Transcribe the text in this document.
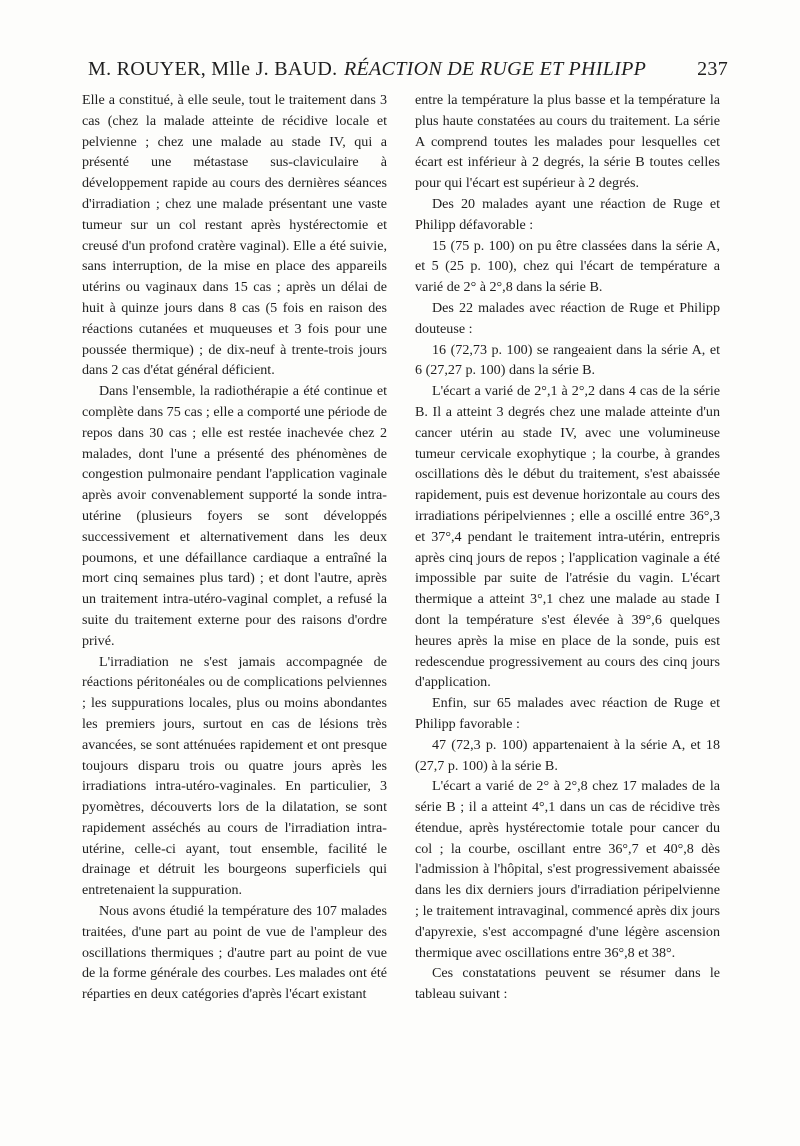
M. ROUYER, Mlle J. BAUD. RÉACTION DE RUGE ET PHILIPP	237

Elle a constitué, à elle seule, tout le traitement dans 3 cas (chez la malade atteinte de récidive locale et pelvienne ; chez une malade au stade IV, qui a présenté une métastase sus-claviculaire à développement rapide au cours des dernières séances d'irradiation ; chez une malade présentant une vaste tumeur sur un col restant après hystérectomie et creusé d'un profond cratère vaginal). Elle a été suivie, sans interruption, de la mise en place des appareils utérins ou vaginaux dans 15 cas ; après un délai de huit à quinze jours dans 8 cas (5 fois en raison des réactions cutanées et muqueuses et 3 fois pour une poussée thermique) ; de dix-neuf à trente-trois jours dans 2 cas d'état général déficient.

Dans l'ensemble, la radiothérapie a été continue et complète dans 75 cas ; elle a comporté une période de repos dans 30 cas ; elle est restée inachevée chez 2 malades, dont l'une a présenté des phénomènes de congestion pulmonaire pendant l'application vaginale après avoir convenablement supporté la sonde intra-utérine (plusieurs foyers se sont développés successivement et alternativement dans les deux poumons, et une défaillance cardiaque a entraîné la mort cinq semaines plus tard) ; et dont l'autre, après un traitement intra-utéro-vaginal complet, a refusé la suite du traitement externe pour des raisons d'ordre privé.

L'irradiation ne s'est jamais accompagnée de réactions péritonéales ou de complications pelviennes ; les suppurations locales, plus ou moins abondantes les premiers jours, surtout en cas de lésions très avancées, se sont atténuées rapidement et ont presque toujours disparu trois ou quatre jours après les irradiations intra-utéro-vaginales. En particulier, 3 pyomètres, découverts lors de la dilatation, se sont rapidement asséchés au cours de l'irradiation intra-utérine, celle-ci ayant, tout ensemble, facilité le drainage et détruit les bourgeons superficiels qui entretenaient la suppuration.

Nous avons étudié la température des 107 malades traitées, d'une part au point de vue de l'ampleur des oscillations thermiques ; d'autre part au point de vue de la forme générale des courbes. Les malades ont été réparties en deux catégories d'après l'écart existant

entre la température la plus basse et la température la plus haute constatées au cours du traitement. La série A comprend toutes les malades pour lesquelles cet écart est inférieur à 2 degrés, la série B toutes celles pour qui l'écart est supérieur à 2 degrés.

Des 20 malades ayant une réaction de Ruge et Philipp défavorable :

15 (75 p. 100) on pu être classées dans la série A, et 5 (25 p. 100), chez qui l'écart de température a varié de 2° à 2°,8 dans la série B.

Des 22 malades avec réaction de Ruge et Philipp douteuse :

16 (72,73 p. 100) se rangeaient dans la série A, et 6 (27,27 p. 100) dans la série B.

L'écart a varié de 2°,1 à 2°,2 dans 4 cas de la série B. Il a atteint 3 degrés chez une malade atteinte d'un cancer utérin au stade IV, avec une volumineuse tumeur cervicale exophytique ; la courbe, à grandes oscillations dès le début du traitement, s'est abaissée rapidement, puis est devenue horizontale au cours des irradiations péripelviennes ; elle a oscillé entre 36°,3 et 37°,4 pendant le traitement intra-utérin, entrepris après cinq jours de repos ; l'application vaginale a été impossible par suite de l'atrésie du vagin. L'écart thermique a atteint 3°,1 chez une malade au stade I dont la température s'est élevée à 39°,6 quelques heures après la mise en place de la sonde, puis est redescendue progressivement au cours des cinq jours d'application.

Enfin, sur 65 malades avec réaction de Ruge et Philipp favorable :

47 (72,3 p. 100) appartenaient à la série A, et 18 (27,7 p. 100) à la série B.

L'écart a varié de 2° à 2°,8 chez 17 malades de la série B ; il a atteint 4°,1 dans un cas de récidive très étendue, après hystérectomie totale pour cancer du col ; la courbe, oscillant entre 36°,7 et 40°,8 dès l'admission à l'hôpital, s'est progressivement abaissée dans les dix derniers jours d'irradiation péripelvienne ; le traitement intravaginal, commencé après dix jours d'apyrexie, s'est accompagné d'une légère ascension thermique avec oscillations entre 36°,8 et 38°.

Ces constatations peuvent se résumer dans le tableau suivant :
